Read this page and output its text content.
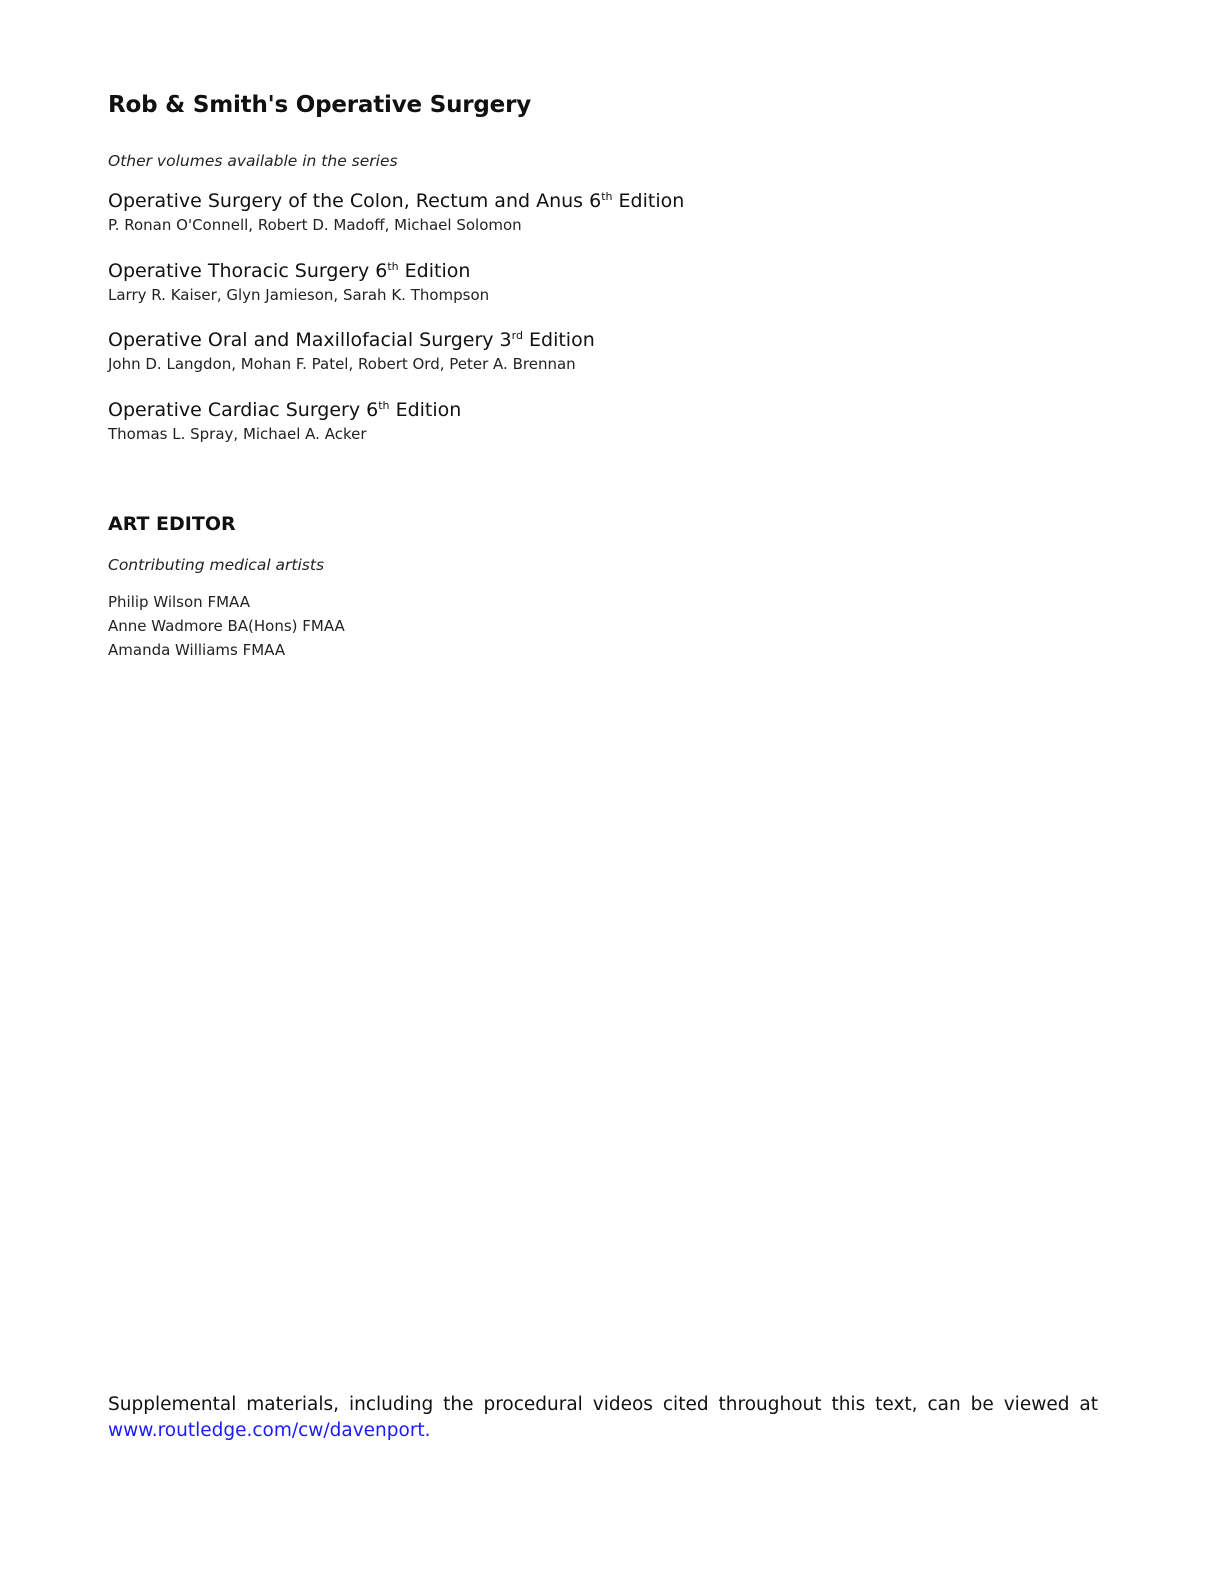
Rob & Smith's Operative Surgery

Other volumes available in the series

Operative Surgery of the Colon, Rectum and Anus 6th Edition
P. Ronan O'Connell, Robert D. Madoff, Michael Solomon
Operative Thoracic Surgery 6th Edition
Larry R. Kaiser, Glyn Jamieson, Sarah K. Thompson
Operative Oral and Maxillofacial Surgery 3rd Edition
John D. Langdon, Mohan F. Patel, Robert Ord, Peter A. Brennan
Operative Cardiac Surgery 6th Edition
Thomas L. Spray, Michael A. Acker
ART EDITOR

Contributing medical artists

Philip Wilson FMAA
Anne Wadmore BA(Hons) FMAA
Amanda Williams FMAA
Supplemental materials, including the procedural videos cited throughout this text, can be viewed at
www.routledge.com/cw/davenport.
